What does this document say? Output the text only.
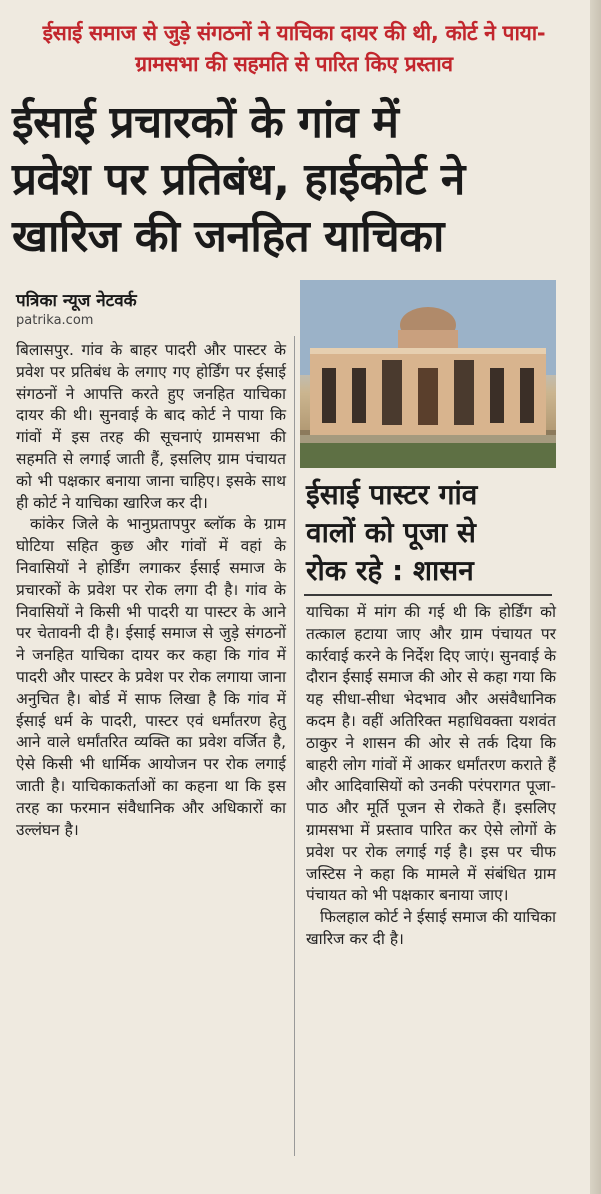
ईसाई समाज से जुड़े संगठनों ने याचिका दायर की थी, कोर्ट ने पाया- ग्रामसभा की सहमति से पारित किए प्रस्ताव
ईसाई प्रचारकों के गांव में
प्रवेश पर प्रतिबंध, हाईकोर्ट ने
खारिज की जनहित याचिका
पत्रिका न्यूज नेटवर्क
patrika.com
ईसाई पास्टर गांव
वालों को पूजा से
रोक रहे : शासन

बिलासपुर. गांव के बाहर पादरी और पास्टर के प्रवेश पर प्रतिबंध के लगाए गए होर्डिंग पर ईसाई संगठनों ने आपत्ति करते हुए जनहित याचिका दायर की थी। सुनवाई के बाद कोर्ट ने पाया कि गांवों में इस तरह की सूचनाएं ग्रामसभा की सहमति से लगाई जाती हैं, इसलिए ग्राम पंचायत को भी पक्षकार बनाया जाना चाहिए। इसके साथ ही कोर्ट ने याचिका खारिज कर दी।

कांकेर जिले के भानुप्रतापपुर ब्लॉक के ग्राम घोटिया सहित कुछ और गांवों में वहां के निवासियों ने होर्डिंग लगाकर ईसाई समाज के प्रचारकों के प्रवेश पर रोक लगा दी है। गांव के निवासियों ने किसी भी पादरी या पास्टर के आने पर चेतावनी दी है। ईसाई समाज से जुड़े संगठनों ने जनहित याचिका दायर कर कहा कि गांव में पादरी और पास्टर के प्रवेश पर रोक लगाया जाना अनुचित है। बोर्ड में साफ लिखा है कि गांव में ईसाई धर्म के पादरी, पास्टर एवं धर्मांतरण हेतु आने वाले धर्मांतरित व्यक्ति का प्रवेश वर्जित है, ऐसे किसी भी धार्मिक आयोजन पर रोक लगाई जाती है। याचिकाकर्ताओं का कहना था कि इस तरह का फरमान संवैधानिक और अधिकारों का उल्लंघन है।

याचिका में मांग की गई थी कि होर्डिंग को तत्काल हटाया जाए और ग्राम पंचायत पर कार्रवाई करने के निर्देश दिए जाएं। सुनवाई के दौरान ईसाई समाज की ओर से कहा गया कि यह सीधा-सीधा भेदभाव और असंवैधानिक कदम है। वहीं अतिरिक्त महाधिवक्ता यशवंत ठाकुर ने शासन की ओर से तर्क दिया कि बाहरी लोग गांवों में आकर धर्मांतरण कराते हैं और आदिवासियों को उनकी परंपरागत पूजा-पाठ और मूर्ति पूजन से रोकते हैं। इसलिए ग्रामसभा में प्रस्ताव पारित कर ऐसे लोगों के प्रवेश पर रोक लगाई गई है। इस पर चीफ जस्टिस ने कहा कि मामले में संबंधित ग्राम पंचायत को भी पक्षकार बनाया जाए।

फिलहाल कोर्ट ने ईसाई समाज की याचिका खारिज कर दी है।
